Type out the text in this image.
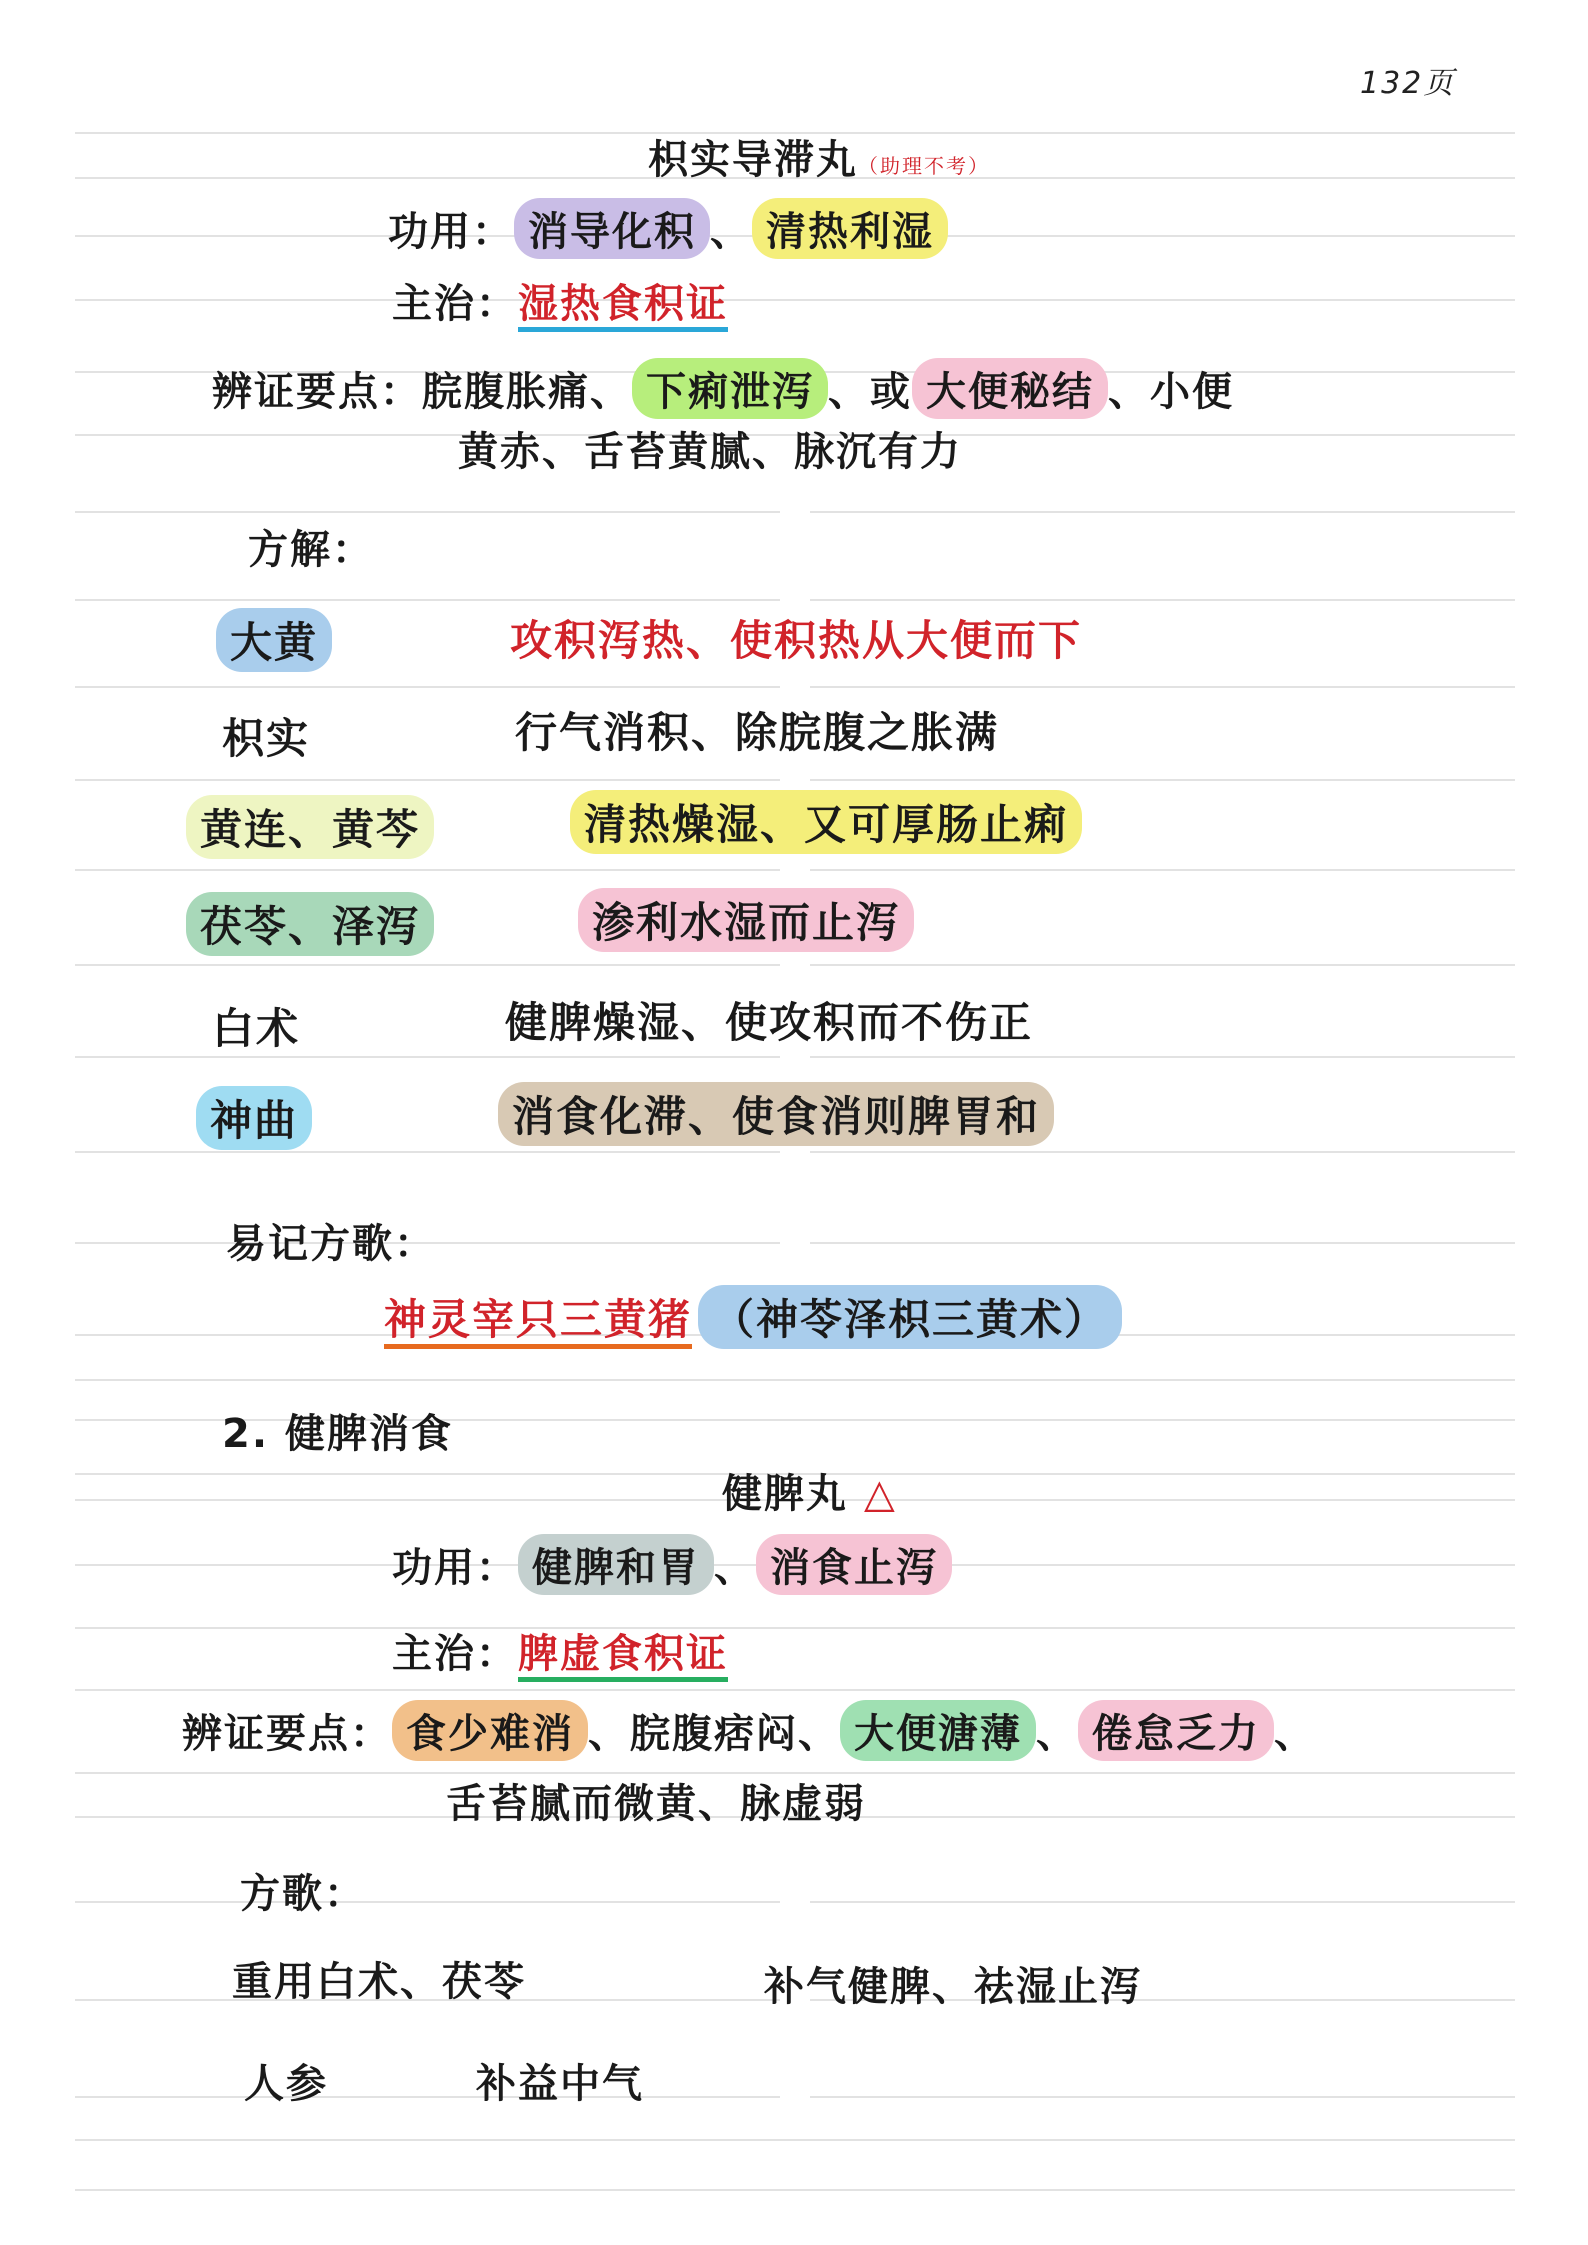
132页
枳实导滞丸（助理不考）
功用： 消导化积 、 清热利湿
主治：湿热食积证
辨证要点：脘腹胀痛、 下痢泄泻 、或 大便秘结 、小便
黄赤、舌苔黄腻、脉沉有力
方解：
大黄	攻积泻热、使积热从大便而下
枳实	行气消积、除脘腹之胀满
黄连、黄芩	清热燥湿、又可厚肠止痢
茯苓、泽泻	渗利水湿而止泻
白术	健脾燥湿、使攻积而不伤正
神曲	消食化滞、使食消则脾胃和
易记方歌：
神灵宰只三黄猪 （神苓泽枳三黄术）
2. 健脾消食
健脾丸 △
功用： 健脾和胃 、 消食止泻
主治：脾虚食积证
辨证要点： 食少难消 、脘腹痞闷、 大便溏薄 、 倦怠乏力 、
舌苔腻而微黄、脉虚弱
方歌：
重用白术、茯苓	补气健脾、祛湿止泻
人参	补益中气
